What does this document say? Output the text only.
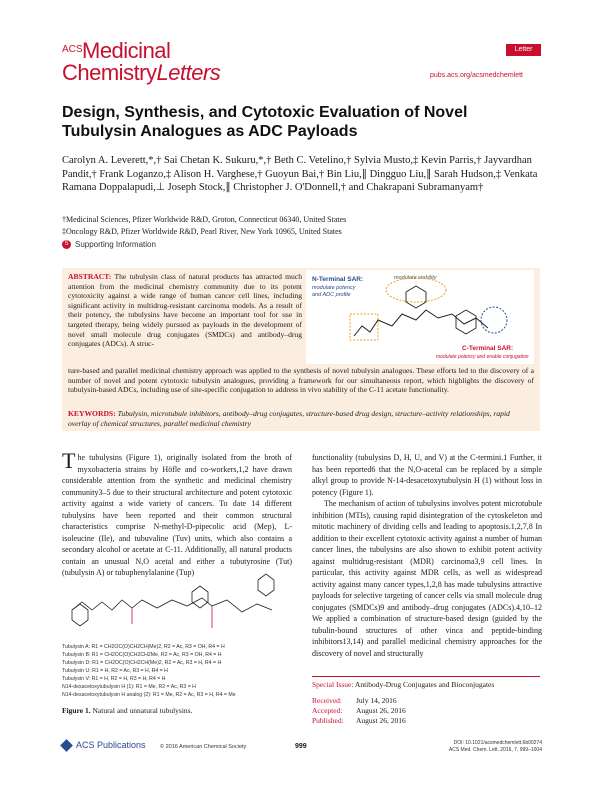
ACS Medicinal
ChemistryLetters
Letter
pubs.acs.org/acsmedchemlett
Design, Synthesis, and Cytotoxic Evaluation of Novel Tubulysin Analogues as ADC Payloads
Carolyn A. Leverett,*,† Sai Chetan K. Sukuru,*,† Beth C. Vetelino,† Sylvia Musto,‡ Kevin Parris,† Jayvardhan Pandit,† Frank Loganzo,‡ Alison H. Varghese,† Guoyun Bai,† Bin Liu,∥ Dingguo Liu,∥ Sarah Hudson,‡ Venkata Ramana Doppalapudi,⊥ Joseph Stock,∥ Christopher J. O'Donnell,† and Chakrapani Subramanyam†
†Medicinal Sciences, Pfizer Worldwide R&D, Groton, Connecticut 06340, United States
‡Oncology R&D, Pfizer Worldwide R&D, Pearl River, New York 10965, United States
S Supporting Information
ABSTRACT: The tubulysin class of natural products has attracted much attention from the medicinal chemistry community due to its potent cytotoxicity against a wide range of human cancer cell lines, including significant activity in multidrug-resistant carcinoma models. As a result of their potency, the tubulysins have become an important tool for use in targeted therapy, being widely pursued as payloads in the development of novel small molecule drug conjugates (SMDCs) and antibody–drug conjugates (ADCs). A struc-
N-Terminal SAR:
modulate potency
and ADC profile
modulate stability
C-Terminal SAR:
modulate potency and enable conjugation
ture-based and parallel medicinal chemistry approach was applied to the synthesis of novel tubulysin analogues. These efforts led to the discovery of a number of novel and potent cytotoxic tubulysin analogues, providing a framework for our simultaneous report, which highlights the discovery of tubulysin-based ADCs, including use of site-specific conjugation to address in vivo stability of the C-11 acetate functionality.
KEYWORDS: Tubulysin, microtubule inhibitors, antibody–drug conjugates, structure-based drug design, structure–activity relationships, rapid overlay of chemical structures, parallel medicinal chemistry
The tubulysins (Figure 1), originally isolated from the broth of myxobacteria strains by Höfle and co-workers,1,2 have drawn considerable attention from the synthetic and medicinal chemistry community3–5 due to their structural architecture and potent cytotoxic activity against a wide variety of cancers. To date 14 different tubulysins have been reported and their common structural characteristics comprise N-methyl-D-pipecolic acid (Mep), L-isoleucine (Ile), and tubuvaline (Tuv) units, which also contains a secondary alcohol or acetate at C-11. Additionally, all natural products contain an unusual N,O acetal and either a tubutyrosine (Tut) (tubulysin A) or tubuphenylalanine (Tup)
Tubulysin A: R1 = CH2OC(O)CH2CH(Me)2, R2 = Ac, R3 = OH, R4 = H
Tubulysin B: R1 = CH2OC(O)CH2CH2Me, R2 = Ac, R3 = OH, R4 = H
Tubulysin D: R1 = CH2OC(O)CH2CH(Me)2, R2 = Ac, R3 = H, R4 = H
Tubulysin U: R1 = H, R2 = Ac, R3 = H, R4 = H
Tubulysin V: R1 = H, R2 = H, R3 = H, R4 = H
N14-desacetoxytubulysin H (1): R1 = Me, R2 = Ac, R3 = H
N14-desacetoxytubulysin H analog (2): R1 = Me, R2 = Ac, R3 = H, R4 = Me
Figure 1. Natural and unnatural tubulysins.

functionality (tubulysins D, H, U, and V) at the C-termini.1 Further, it has been reported6 that the N,O-acetal can be replaced by a simple alkyl group to provide N-14-desacetoxytubulysin H (1) without loss in potency (Figure 1).

The mechanism of action of tubulysins involves potent microtubule inhibition (MTIs), causing rapid disintegration of the cytoskeleton and mitotic machinery of dividing cells and leading to apoptosis.1,2,7,8 In addition to their excellent cytotoxic activity against a number of human cancer lines, the tubulysins are also shown to exhibit potent activity against multidrug-resistant (MDR) carcinoma3,9 cell lines. In particular, this activity against MDR cells, as well as widespread activity against many cancer types,1,2,8 has made tubulysins attractive payloads for selective targeting of cancer cells via small molecule drug conjugates (SMDCs)9 and antibody–drug conjugates (ADCs).4,10–12 We applied a combination of structure-based design (guided by the tubulin-bound structures of other vinca and peptide-binding inhibitors13,14) and parallel medicinal chemistry approaches for the discovery of novel and structurally

Special Issue: Antibody-Drug Conjugates and Bioconjugates
Received: July 14, 2016
Accepted: August 26, 2016
Published: August 26, 2016
ACS Publications	© 2016 American Chemical Society	999	DOI: 10.1021/acsmedchemlett.6b00274
ACS Med. Chem. Lett. 2016, 7, 999–1004
